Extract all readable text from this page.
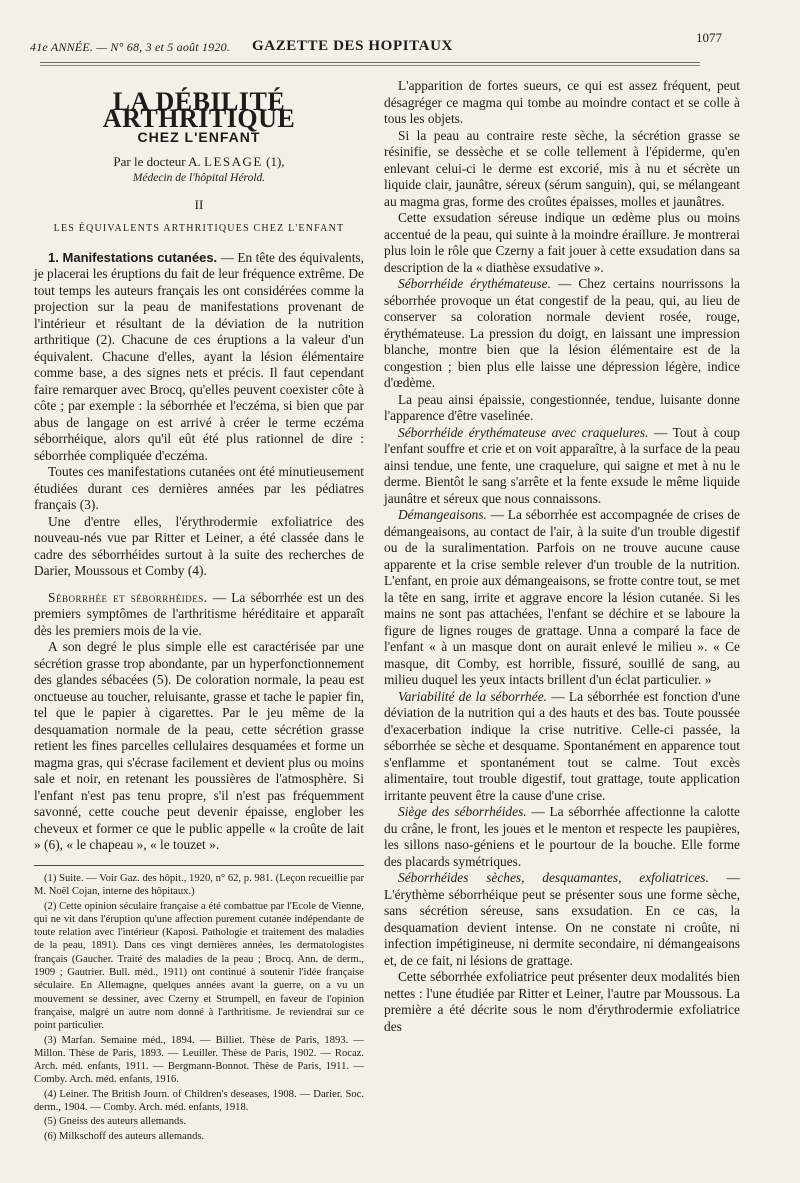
41e ANNÉE. — N° 68, 3 et 5 août 1920. GAZETTE DES HOPITAUX
1077

LA DÉBILITÉ ARTHRITIQUE

CHEZ L'ENFANT

Par le docteur A. LESAGE (1),

Médecin de l'hôpital Hérold.

II

LES ÉQUIVALENTS ARTHRITIQUES CHEZ L'ENFANT

1. Manifestations cutanées. — En tête des équivalents, je placerai les éruptions du fait de leur fréquence extrême. De tout temps les auteurs français les ont considérées comme la projection sur la peau de manifestations provenant de l'intérieur et résultant de la déviation de la nutrition arthritique (2). Chacune de ces éruptions a la valeur d'un équivalent. Chacune d'elles, ayant la lésion élémentaire comme base, a des signes nets et précis. Il faut cependant faire remarquer avec Brocq, qu'elles peuvent coexister côte à côte ; par exemple : la séborrhée et l'eczéma, si bien que par abus de langage on est arrivé à créer le terme eczéma séborrhéique, alors qu'il eût été plus rationnel de dire : séborrhée compliquée d'eczéma.

Toutes ces manifestations cutanées ont été minutieusement étudiées durant ces dernières années par les pédiatres français (3).

Une d'entre elles, l'érythrodermie exfoliatrice des nouveau-nés vue par Ritter et Leiner, a été classée dans le cadre des séborrhéides surtout à la suite des recherches de Darier, Moussous et Comby (4).

Séborrhée et séborrhéides. — La séborrhée est un des premiers symptômes de l'arthritisme héréditaire et apparaît dès les premiers mois de la vie.

A son degré le plus simple elle est caractérisée par une sécrétion grasse trop abondante, par un hyperfonctionnement des glandes sébacées (5). De coloration normale, la peau est onctueuse au toucher, reluisante, grasse et tache le papier fin, tel que le papier à cigarettes. Par le jeu même de la desquamation normale de la peau, cette sécrétion grasse retient les fines parcelles cellulaires desquamées et forme un magma gras, qui s'écrase facilement et devient plus ou moins sale et noir, en retenant les poussières de l'atmosphère. Si l'enfant n'est pas tenu propre, s'il n'est pas fréquemment savonné, cette couche peut devenir épaisse, englober les cheveux et former ce que le public appelle « la croûte de lait » (6), « le chapeau », « le touzet ».

(1) Suite. — Voir Gaz. des hôpit., 1920, n° 62, p. 981. (Leçon recueillie par M. Noël Cojan, interne des hôpitaux.)

(2) Cette opinion séculaire française a été combattue par l'Ecole de Vienne, qui ne vit dans l'éruption qu'une affection purement cutanée indépendante de toute relation avec l'intérieur (Kaposi. Pathologie et traitement des maladies de la peau, 1891). Dans ces vingt dernières années, les dermatologistes français (Gaucher. Traité des maladies de la peau ; Brocq. Ann. de derm., 1909 ; Gautrier. Bull. méd., 1911) ont continué à soutenir l'idée française séculaire. En Allemagne, quelques années avant la guerre, on a vu un mouvement se dessiner, avec Czerny et Strumpell, en faveur de l'opinion française, malgré un autre nom donné à l'arthritisme. Je reviendrai sur ce point particulier.

(3) Marfan. Semaine méd., 1894. — Billiet. Thèse de Paris, 1893. — Millon. Thèse de Paris, 1893. — Leuiller. Thèse de Paris, 1902. — Rocaz. Arch. méd. enfants, 1911. — Bergmann-Bonnot. Thèse de Paris, 1911. — Comby. Arch. méd. enfants, 1916.

(4) Leiner. The British Journ. of Children's deseases, 1908. — Darier. Soc. derm., 1904. — Comby. Arch. méd. enfants, 1918.

(5) Gneiss des auteurs allemands.

(6) Milkschoff des auteurs allemands.

L'apparition de fortes sueurs, ce qui est assez fréquent, peut désagréger ce magma qui tombe au moindre contact et se colle à tous les objets.

Si la peau au contraire reste sèche, la sécrétion grasse se résinifie, se dessèche et se colle tellement à l'épiderme, qu'en enlevant celui-ci le derme est excorié, mis à nu et sécrète un liquide clair, jaunâtre, séreux (sérum sanguin), qui, se mélangeant au magma gras, forme des croûtes épaisses, molles et jaunâtres.

Cette exsudation séreuse indique un œdème plus ou moins accentué de la peau, qui suinte à la moindre éraillure. Je montrerai plus loin le rôle que Czerny a fait jouer à cette exsudation dans sa description de la « diathèse exsudative ».

Séborrhéide érythémateuse. — Chez certains nourrissons la séborrhée provoque un état congestif de la peau, qui, au lieu de conserver sa coloration normale devient rosée, rouge, érythémateuse. La pression du doigt, en laissant une impression blanche, montre bien que la lésion élémentaire est de la congestion ; bien plus elle laisse une dépression légère, indice d'œdème.

La peau ainsi épaissie, congestionnée, tendue, luisante donne l'apparence d'être vaselinée.

Séborrhéide érythémateuse avec craquelures. — Tout à coup l'enfant souffre et crie et on voit apparaître, à la surface de la peau ainsi tendue, une fente, une craquelure, qui saigne et met à nu le derme. Bientôt le sang s'arrête et la fente exsude le même liquide jaunâtre et séreux que nous connaissons.

Démangeaisons. — La séborrhée est accompagnée de crises de démangeaisons, au contact de l'air, à la suite d'un trouble digestif ou de la suralimentation. Parfois on ne trouve aucune cause apparente et la crise semble relever d'un trouble de la nutrition. L'enfant, en proie aux démangeaisons, se frotte contre tout, se met la tête en sang, irrite et aggrave encore la lésion cutanée. Si les mains ne sont pas attachées, l'enfant se déchire et se laboure la figure de lignes rouges de grattage. Unna a comparé la face de l'enfant « à un masque dont on aurait enlevé le milieu ». « Ce masque, dit Comby, est horrible, fissuré, souillé de sang, au milieu duquel les yeux intacts brillent d'un éclat particulier. »

Variabilité de la séborrhée. — La séborrhée est fonction d'une déviation de la nutrition qui a des hauts et des bas. Toute poussée d'exacerbation indique la crise nutritive. Celle-ci passée, la séborrhée se sèche et desquame. Spontanément en apparence tout s'enflamme et spontanément tout se calme. Tout excès alimentaire, tout trouble digestif, tout grattage, toute application irritante peuvent être la cause d'une crise.

Siège des séborrhéides. — La séborrhée affectionne la calotte du crâne, le front, les joues et le menton et respecte les paupières, les sillons naso-géniens et le pourtour de la bouche. Elle forme des placards symétriques.

Séborrhéides sèches, desquamantes, exfoliatrices. — L'érythème séborrhéique peut se présenter sous une forme sèche, sans sécrétion séreuse, sans exsudation. En ce cas, la desquamation devient intense. On ne constate ni croûte, ni infection impétigineuse, ni dermite secondaire, ni démangeaisons et, de ce fait, ni lésions de grattage.

Cette séborrhée exfoliatrice peut présenter deux modalités bien nettes : l'une étudiée par Ritter et Leiner, l'autre par Moussous. La première a été décrite sous le nom d'érythrodermie exfoliatrice des
